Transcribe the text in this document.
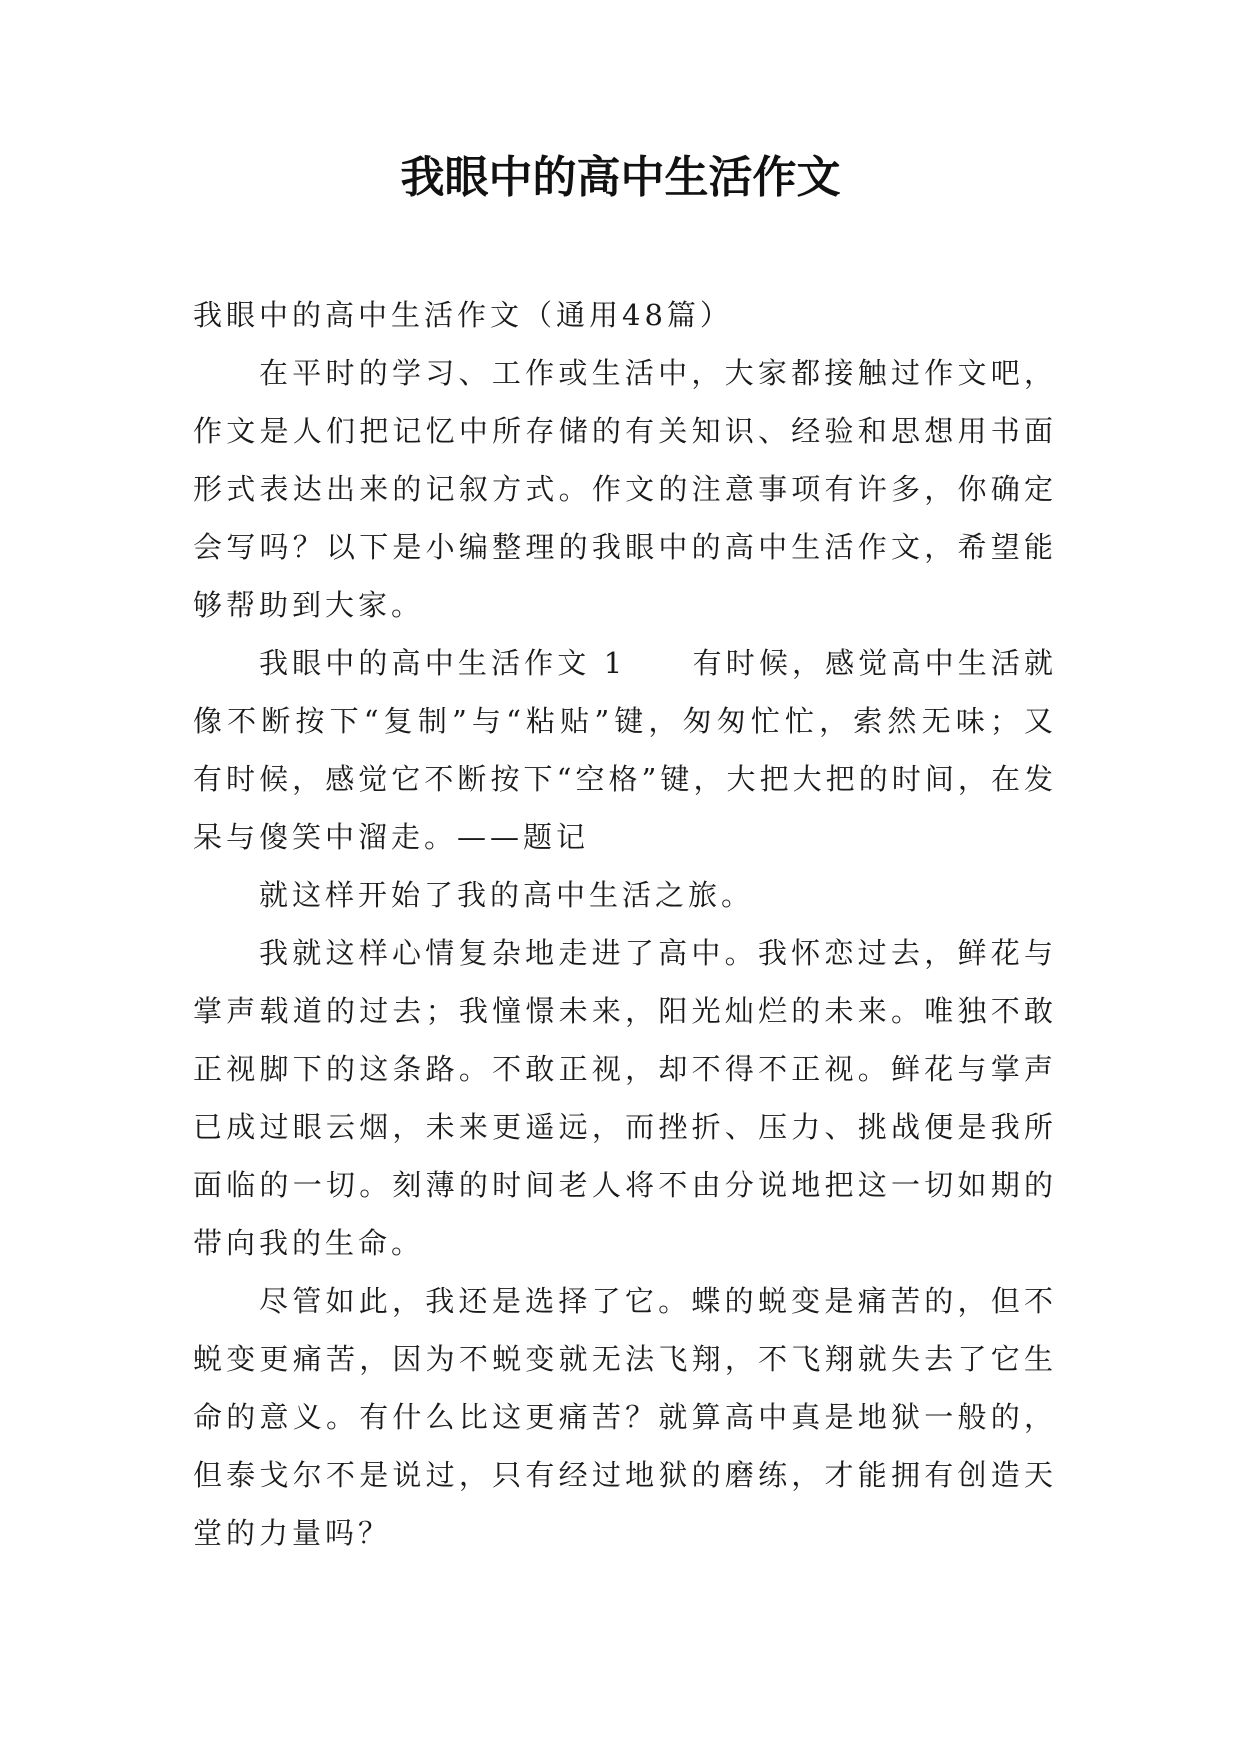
我眼中的高中生活作文

我眼中的高中生活作文（通用48篇）

在平时的学习、工作或生活中，大家都接触过作文吧，作文是人们把记忆中所存储的有关知识、经验和思想用书面形式表达出来的记叙方式。作文的注意事项有许多，你确定会写吗？以下是小编整理的我眼中的高中生活作文，希望能够帮助到大家。

我眼中的高中生活作文 1　　有时候，感觉高中生活就像不断按下“复制”与“粘贴”键，匆匆忙忙，索然无味；又有时候，感觉它不断按下“空格”键，大把大把的时间，在发呆与傻笑中溜走。——题记

就这样开始了我的高中生活之旅。

我就这样心情复杂地走进了高中。我怀恋过去，鲜花与掌声载道的过去；我憧憬未来，阳光灿烂的未来。唯独不敢正视脚下的这条路。不敢正视，却不得不正视。鲜花与掌声已成过眼云烟，未来更遥远，而挫折、压力、挑战便是我所面临的一切。刻薄的时间老人将不由分说地把这一切如期的带向我的生命。

尽管如此，我还是选择了它。蝶的蜕变是痛苦的，但不蜕变更痛苦，因为不蜕变就无法飞翔，不飞翔就失去了它生命的意义。有什么比这更痛苦？就算高中真是地狱一般的，但泰戈尔不是说过，只有经过地狱的磨练，才能拥有创造天堂的力量吗？
